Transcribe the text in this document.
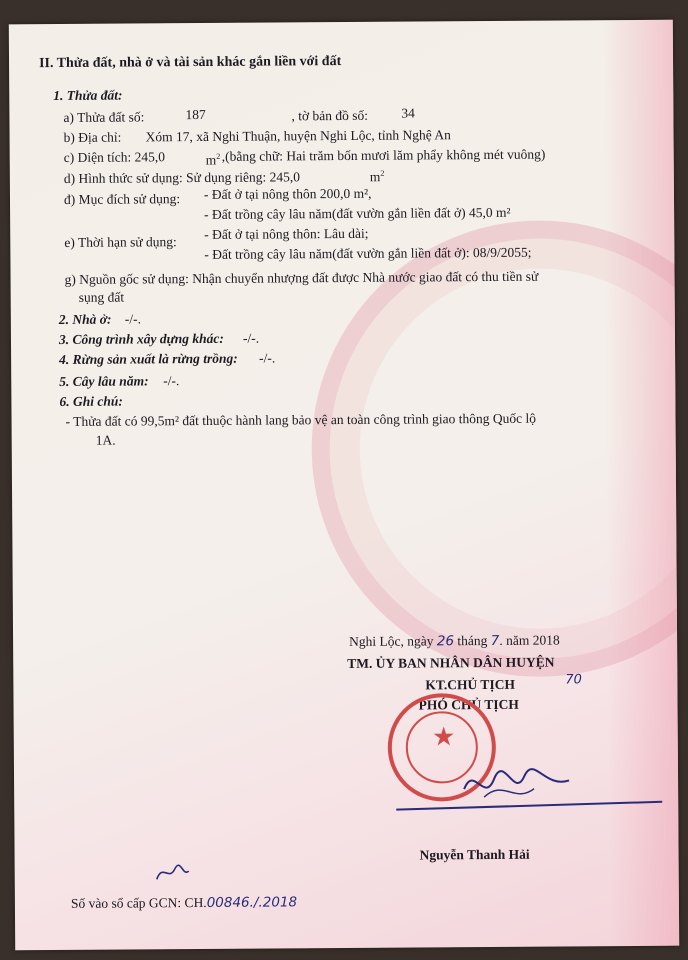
II. Thửa đất, nhà ở và tài sản khác gắn liền với đất
1. Thửa đất:
a) Thửa đất số:	187	, tờ bản đồ số: 34
b) Địa chỉ: Xóm 17, xã Nghi Thuận, huyện Nghi Lộc, tỉnh Nghệ An
c) Diện tích: 245,0	$m^2$ ,(bằng chữ: Hai trăm bốn mươi lăm phẩy không mét vuông)
d) Hình thức sử dụng: Sử dụng riêng: 245,0	$m^2$
đ) Mục đích sử dụng: - Đất ở tại nông thôn 200,0 m²,
- Đất trồng cây lâu năm(đất vườn gắn liền đất ở) 45,0 m²
e) Thời hạn sử dụng:
- Đất ở tại nông thôn: Lâu dài;
- Đất trồng cây lâu năm(đất vườn gắn liền đất ở): 08/9/2055;
g) Nguồn gốc sử dụng: Nhận chuyển nhượng đất được Nhà nước giao đất có thu tiền sử
sụng đất
2. Nhà ở: -/-.
3. Công trình xây dựng khác: -/-.
4. Rừng sản xuất là rừng trồng: -/-.
5. Cây lâu năm: -/-.
6. Ghi chú:
- Thửa đất có 99,5m² đất thuộc hành lang bảo vệ an toàn công trình giao thông Quốc lộ
1A.
Nghi Lộc, ngày 26 tháng 7. năm 2018
TM. ỦY BAN NHÂN DÂN HUYỆN
KT.CHỦ TỊCH
PHÓ CHỦ TỊCH
70
★
Nguyễn Thanh Hải
Số vào sổ cấp GCN: CH.00846./.2018
